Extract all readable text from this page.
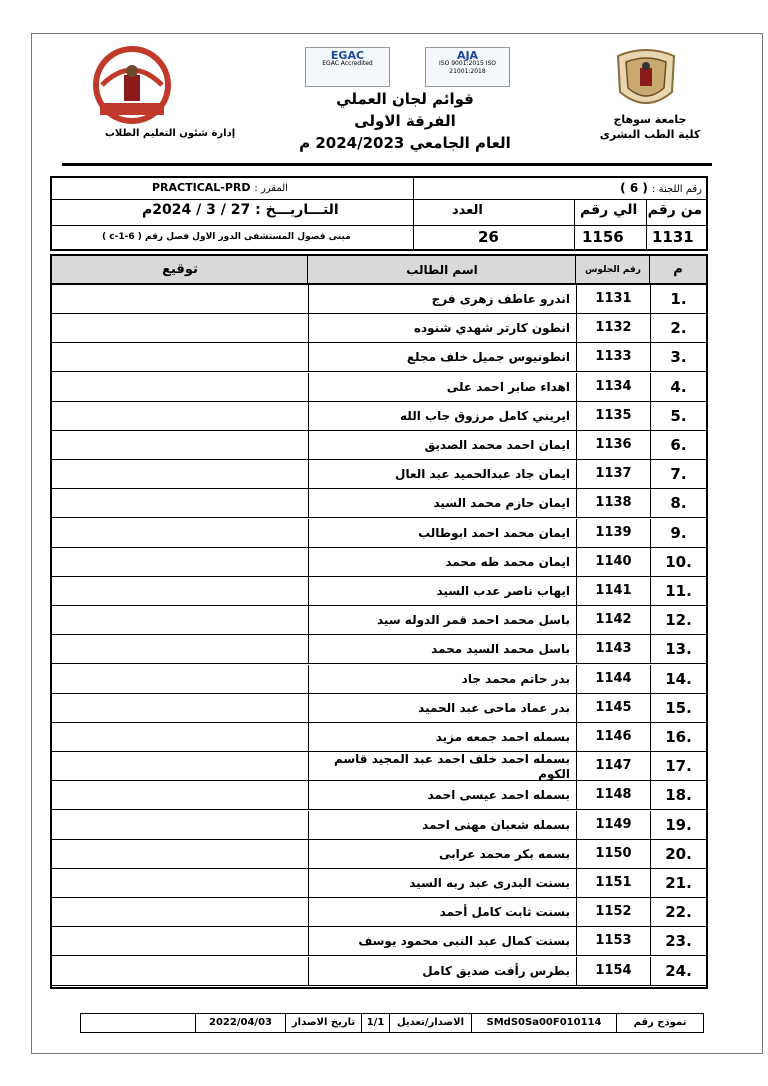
جامعة سوهاج
كلية الطب البشرى
EGAC
EGAC Accredited
AJA
ISO 9001:2015 ISO 21001:2018
قوائم لجان العملي
الفرقة الاولى
العام الجامعي 2024/2023 م
إدارة شئون التعليم الطلاب
رقم اللجنة : ( 6 )
المقرر : PRACTICAL-PRD
من رقم
الي رقم
العدد
التـــاريـــخ : 27 / 3 / 2024م
1131
1156
26
مبنى فصول المستشفى الدور الاول فصل رقم ( c-1-6 )
م
رقم الجلوس
اسم الطالب
توقيع
1.
1131
اندرو عاطف زهرى فرج
2.
1132
انطون كارتر شهدي شنوده
3.
1133
انطونيوس جميل خلف مجلع
4.
1134
اهداء صابر احمد على
5.
1135
ايريني كامل مرزوق جاب الله
6.
1136
ايمان احمد محمد الصديق
7.
1137
ايمان جاد عبدالحميد عبد العال
8.
1138
ايمان حازم محمد السيد
9.
1139
ايمان محمد احمد ابوطالب
10.
1140
ايمان محمد طه محمد
11.
1141
ايهاب ناصر عدب السيد
12.
1142
باسل محمد احمد قمر الدوله سيد
13.
1143
باسل محمد السيد محمد
14.
1144
بدر حاتم محمد جاد
15.
1145
بدر عماد ماحى عبد الحميد
16.
1146
بسمله احمد جمعه مزيد
17.
1147
بسمله احمد خلف احمد عبد المجيد قاسم الكوم
18.
1148
بسمله احمد عيسى احمد
19.
1149
بسمله شعبان مهنى احمد
20.
1150
بسمه بكر محمد عرابى
21.
1151
بسنت البدرى عبد ربه السيد
22.
1152
بسنت ثابت كامل أحمد
23.
1153
بسنت كمال عبد النبى محمود يوسف
24.
1154
بطرس رأفت صديق كامل
نموذج رقم
SMdS0Sa00F010114
الاصدار/تعديل
1/1
تاريخ الاصدار
2022/04/03
